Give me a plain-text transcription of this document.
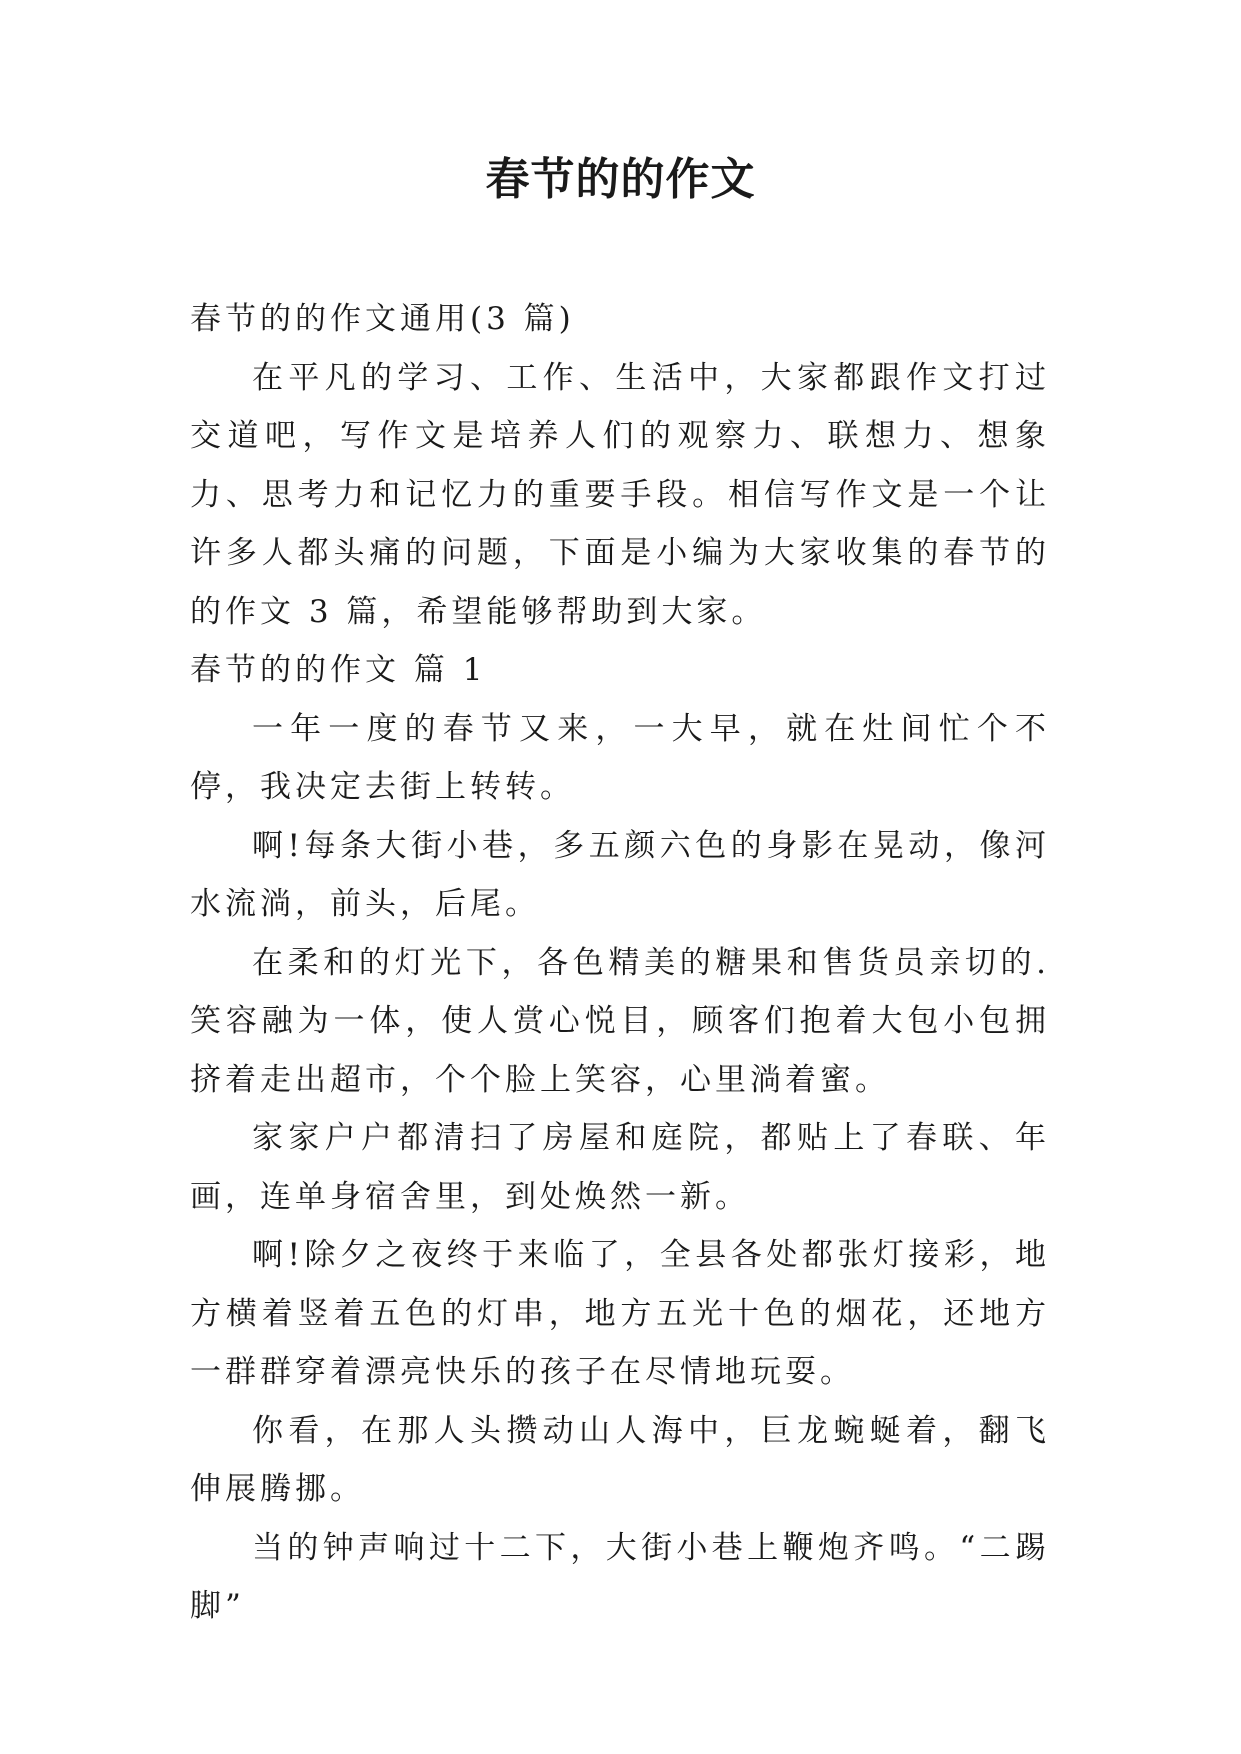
春节的的作文

春节的的作文通用(3 篇)

在平凡的学习、工作、生活中，大家都跟作文打过交道吧，写作文是培养人们的观察力、联想力、想象力、思考力和记忆力的重要手段。相信写作文是一个让许多人都头痛的问题，下面是小编为大家收集的春节的的作文 3 篇，希望能够帮助到大家。

春节的的作文 篇 1

一年一度的春节又来，一大早，就在灶间忙个不停，我决定去街上转转。

啊!每条大街小巷，多五颜六色的身影在晃动，像河水流淌，前头，后尾。

在柔和的灯光下，各色精美的糖果和售货员亲切的.笑容融为一体，使人赏心悦目，顾客们抱着大包小包拥挤着走出超市，个个脸上笑容，心里淌着蜜。

家家户户都清扫了房屋和庭院，都贴上了春联、年画，连单身宿舍里，到处焕然一新。

啊!除夕之夜终于来临了，全县各处都张灯接彩，地方横着竖着五色的灯串，地方五光十色的烟花，还地方一群群穿着漂亮快乐的孩子在尽情地玩耍。

你看，在那人头攒动山人海中，巨龙蜿蜒着，翻飞伸展腾挪。

当的钟声响过十二下，大街小巷上鞭炮齐鸣。“二踢脚”
